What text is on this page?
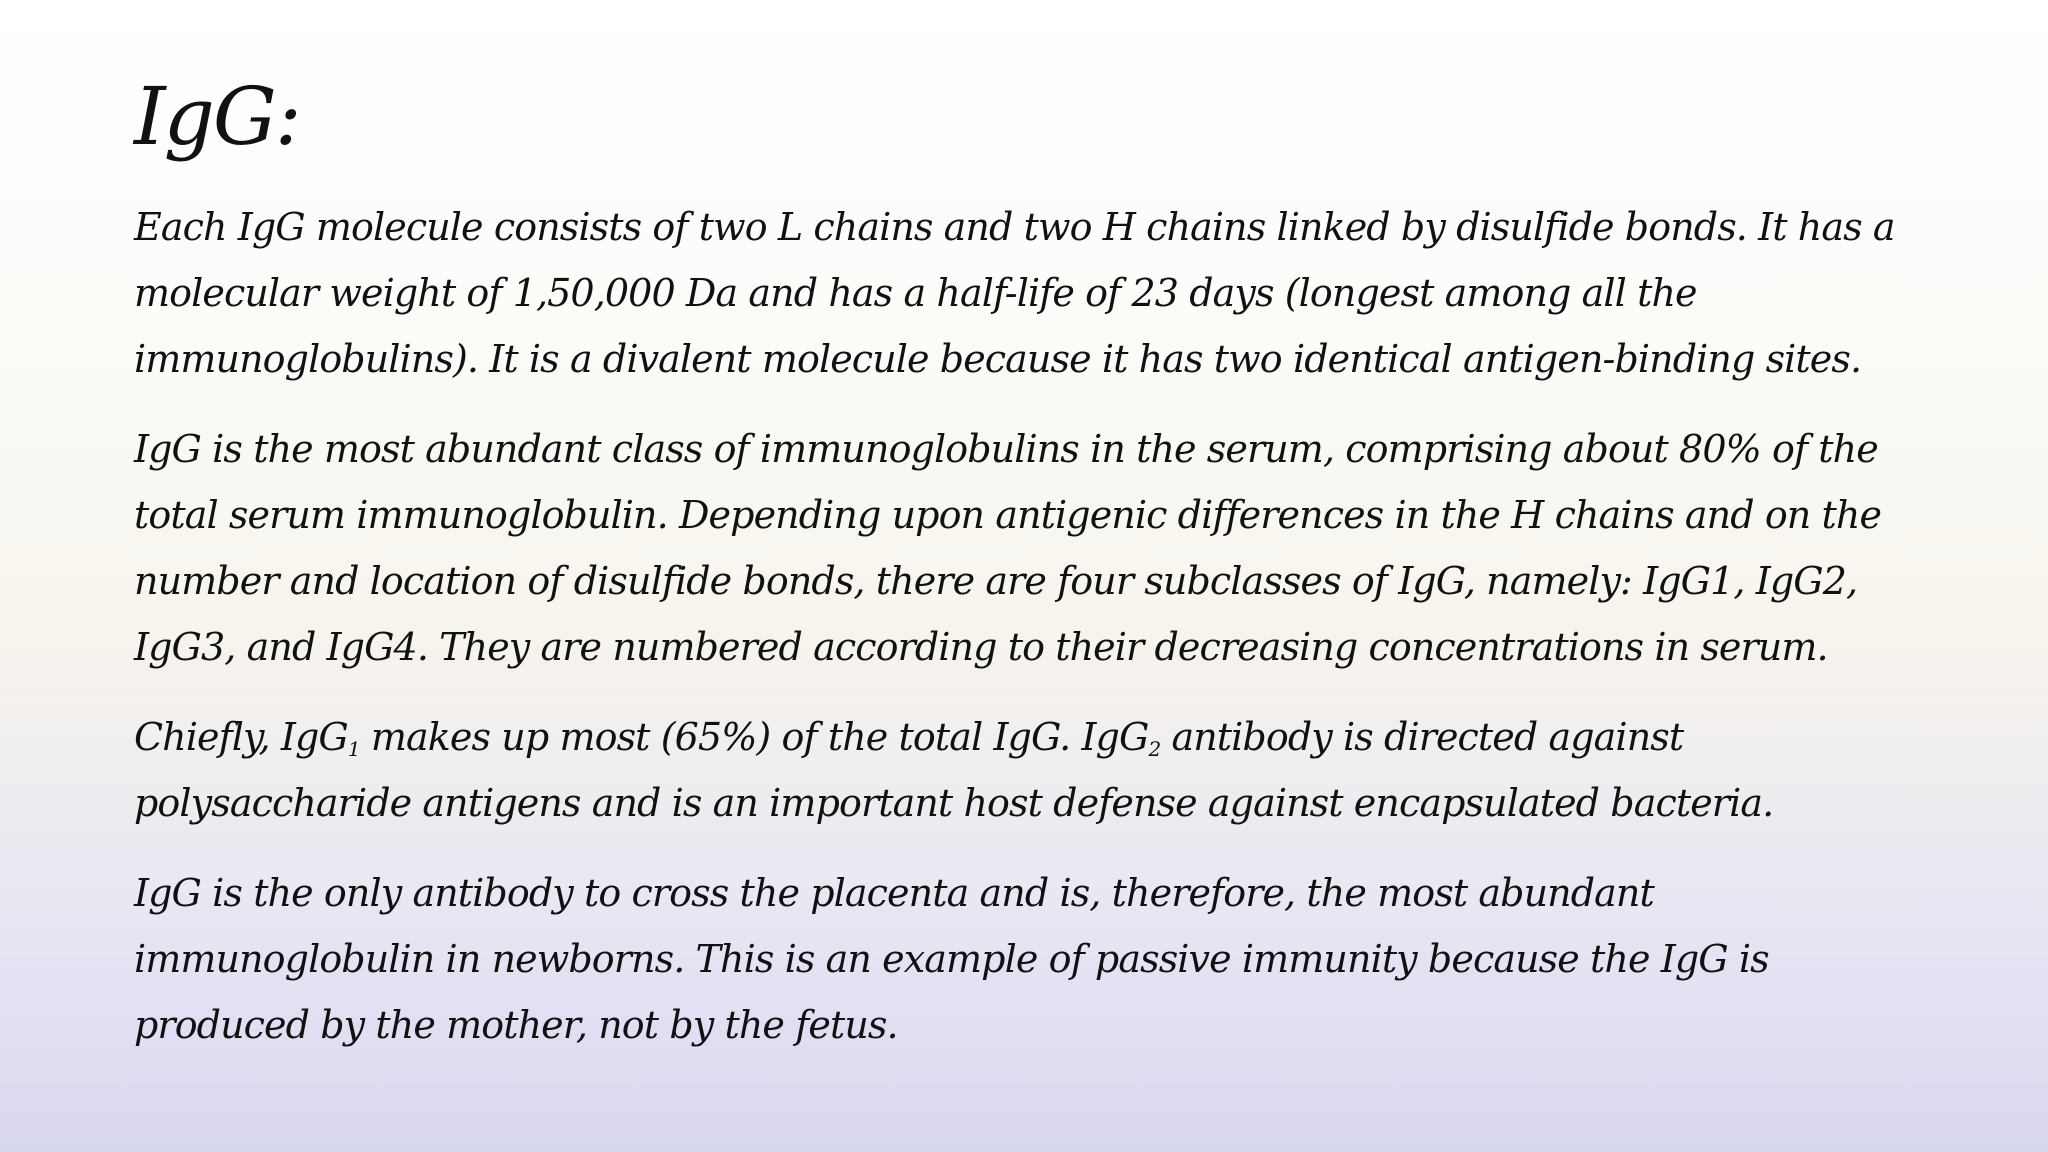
IgG:

Each IgG molecule consists of two L chains and two H chains linked by disulfide bonds. It has a molecular weight of 1,50,000 Da and has a half-life of 23 days (longest among all the immunoglobulins). It is a divalent molecule because it has two identical antigen-binding sites.

IgG is the most abundant class of immunoglobulins in the serum, comprising about 80% of the total serum immunoglobulin. Depending upon antigenic differences in the H chains and on the number and location of disulfide bonds, there are four subclasses of IgG, namely: IgG1, IgG2, IgG3, and IgG4. They are numbered according to their decreasing concentrations in serum.

Chiefly, IgG$_1$ makes up most (65%) of the total IgG. IgG$_2$ antibody is directed against polysaccharide antigens and is an important host defense against encapsulated bacteria.

IgG is the only antibody to cross the placenta and is, therefore, the most abundant immunoglobulin in newborns. This is an example of passive immunity because the IgG is produced by the mother, not by the fetus.
